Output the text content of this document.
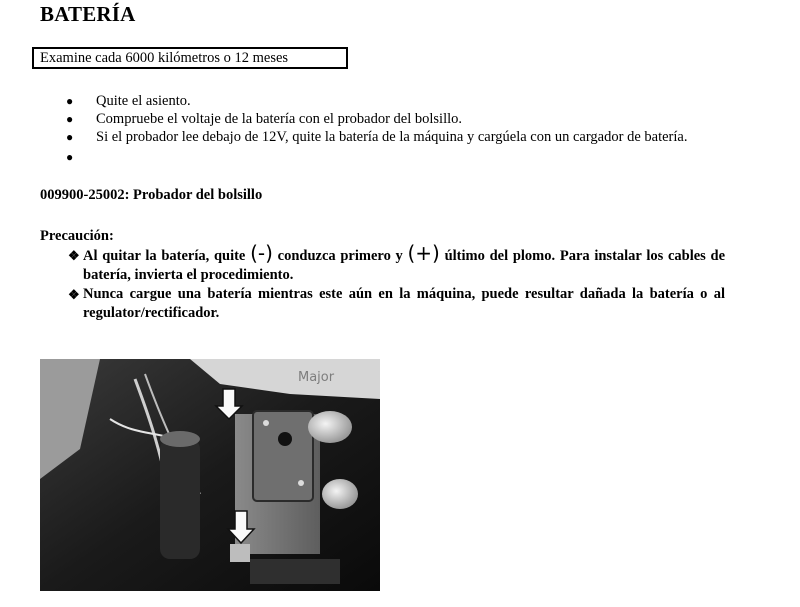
BATERÍA
Examine cada 6000 kilómetros o 12 meses
● Quite el asiento.
● Compruebe el voltaje de la batería con el probador del bolsillo.
● Si el probador lee debajo de 12V, quite la batería de la máquina y cargúela con un cargador de batería.
●
009900-25002: Probador del bolsillo
Precaución:
❖ Al quitar la batería, quite (-) conduzca primero y (+) último del plomo. Para instalar los cables de batería, invierta el procedimiento.
❖ Nunca cargue una batería mientras este aún en la máquina, puede resultar dañada la batería o al regulator/rectificador.
Major
